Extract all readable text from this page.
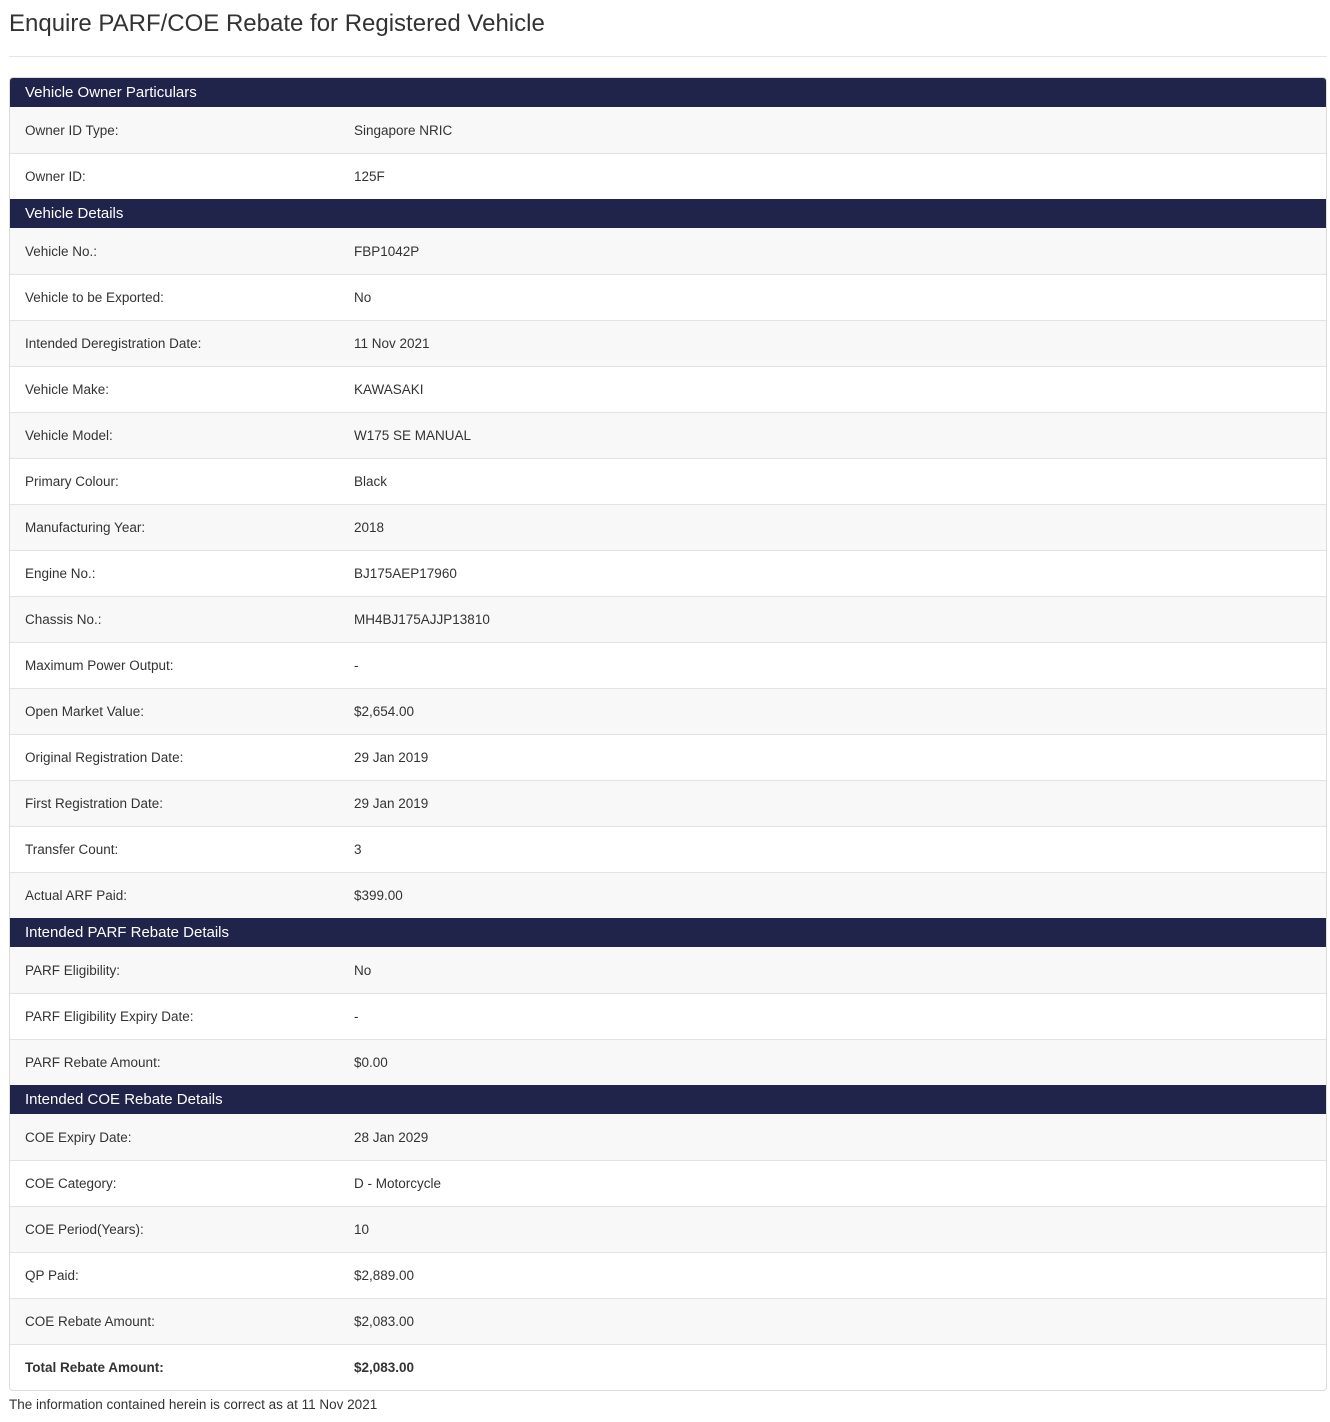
Enquire PARF/COE Rebate for Registered Vehicle
Vehicle Owner Particulars
Owner ID Type:	Singapore NRIC
Owner ID:	125F
Vehicle Details
Vehicle No.:	FBP1042P
Vehicle to be Exported:	No
Intended Deregistration Date:	11 Nov 2021
Vehicle Make:	KAWASAKI
Vehicle Model:	W175 SE MANUAL
Primary Colour:	Black
Manufacturing Year:	2018
Engine No.:	BJ175AEP17960
Chassis No.:	MH4BJ175AJJP13810
Maximum Power Output:	-
Open Market Value:	$2,654.00
Original Registration Date:	29 Jan 2019
First Registration Date:	29 Jan 2019
Transfer Count:	3
Actual ARF Paid:	$399.00
Intended PARF Rebate Details
PARF Eligibility:	No
PARF Eligibility Expiry Date:	-
PARF Rebate Amount:	$0.00
Intended COE Rebate Details
COE Expiry Date:	28 Jan 2029
COE Category:	D - Motorcycle
COE Period(Years):	10
QP Paid:	$2,889.00
COE Rebate Amount:	$2,083.00
Total Rebate Amount:	$2,083.00
The information contained herein is correct as at 11 Nov 2021
